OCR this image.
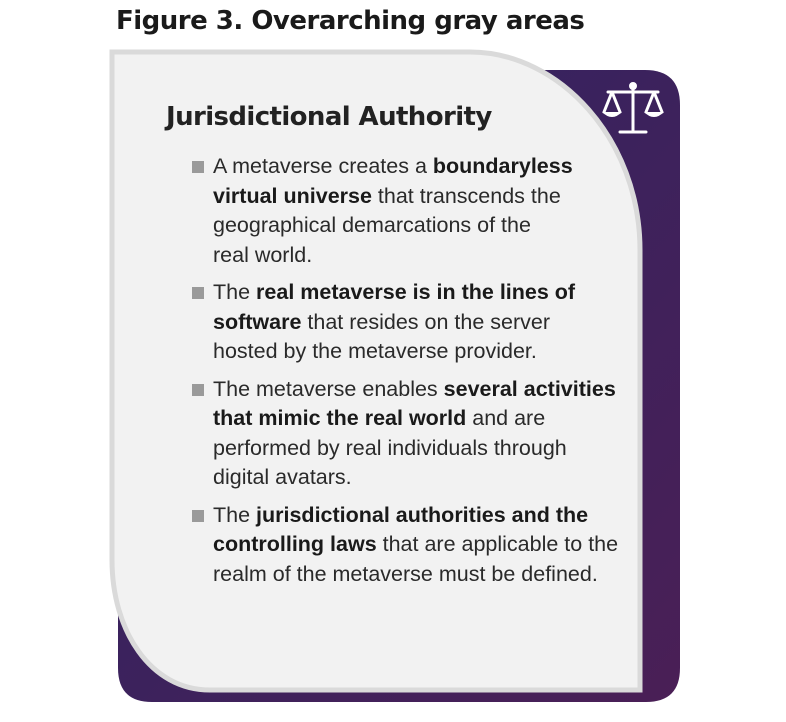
Figure 3. Overarching gray areas
Jurisdictional Authority
A metaverse creates a boundaryless
virtual universe that transcends the
geographical demarcations of the
real world.
The real metaverse is in the lines of
software that resides on the server
hosted by the metaverse provider.
The metaverse enables several activities
that mimic the real world and are
performed by real individuals through
digital avatars.
The jurisdictional authorities and the
controlling laws that are applicable to the
realm of the metaverse must be defined.
